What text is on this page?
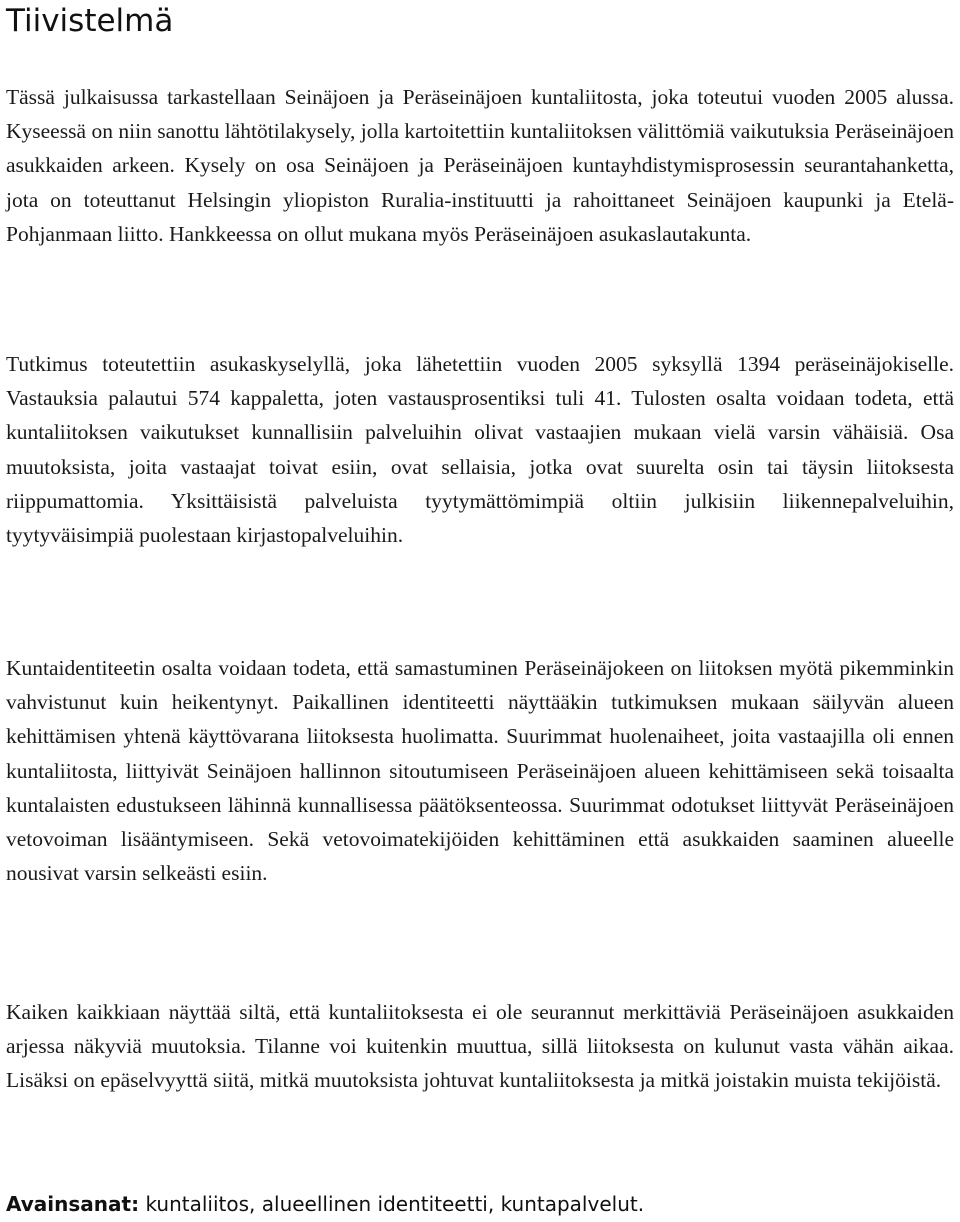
Tiivistelmä

Tässä julkaisussa tarkastellaan Seinäjoen ja Peräseinäjoen kuntaliitosta, joka toteutui vuoden 2005 alussa. Kyseessä on niin sanottu lähtötilakysely, jolla kartoitettiin kuntaliitoksen välittömiä vaikutuksia Peräseinäjoen asukkaiden arkeen. Kysely on osa Seinäjoen ja Peräseinäjoen kuntayhdistymisprosessin seurantahanketta, jota on toteuttanut Helsingin yliopiston Ruralia-instituutti ja rahoittaneet Seinäjoen kaupunki ja Etelä-Pohjanmaan liitto. Hankkeessa on ollut mukana myös Peräseinäjoen asukaslautakunta.

Tutkimus toteutettiin asukaskyselyllä, joka lähetettiin vuoden 2005 syksyllä 1394 peräseinäjokiselle. Vastauksia palautui 574 kappaletta, joten vastausprosentiksi tuli 41. Tulosten osalta voidaan todeta, että kuntaliitoksen vaikutukset kunnallisiin palveluihin olivat vastaajien mukaan vielä varsin vähäisiä. Osa muutoksista, joita vastaajat toivat esiin, ovat sellaisia, jotka ovat suurelta osin tai täysin liitoksesta riippumattomia. Yksittäisistä palveluista tyytymättömimpiä oltiin julkisiin liikennepalveluihin, tyytyväisimpiä puolestaan kirjastopalveluihin.

Kuntaidentiteetin osalta voidaan todeta, että samastuminen Peräseinäjokeen on liitoksen myötä pikemminkin vahvistunut kuin heikentynyt. Paikallinen identiteetti näyttääkin tutkimuksen mukaan säilyvän alueen kehittämisen yhtenä käyttövarana liitoksesta huolimatta. Suurimmat huolenaiheet, joita vastaajilla oli ennen kuntaliitosta, liittyivät Seinäjoen hallinnon sitoutumiseen Peräseinäjoen alueen kehittämiseen sekä toisaalta kuntalaisten edustukseen lähinnä kunnallisessa päätöksenteossa. Suurimmat odotukset liittyvät Peräseinäjoen vetovoiman lisääntymiseen. Sekä vetovoimatekijöiden kehittäminen että asukkaiden saaminen alueelle nousivat varsin selkeästi esiin.

Kaiken kaikkiaan näyttää siltä, että kuntaliitoksesta ei ole seurannut merkittäviä Peräseinäjoen asukkaiden arjessa näkyviä muutoksia. Tilanne voi kuitenkin muuttua, sillä liitoksesta on kulunut vasta vähän aikaa. Lisäksi on epäselvyyttä siitä, mitkä muutoksista johtuvat kuntaliitoksesta ja mitkä joistakin muista tekijöistä.

Avainsanat: kuntaliitos, alueellinen identiteetti, kuntapalvelut.
